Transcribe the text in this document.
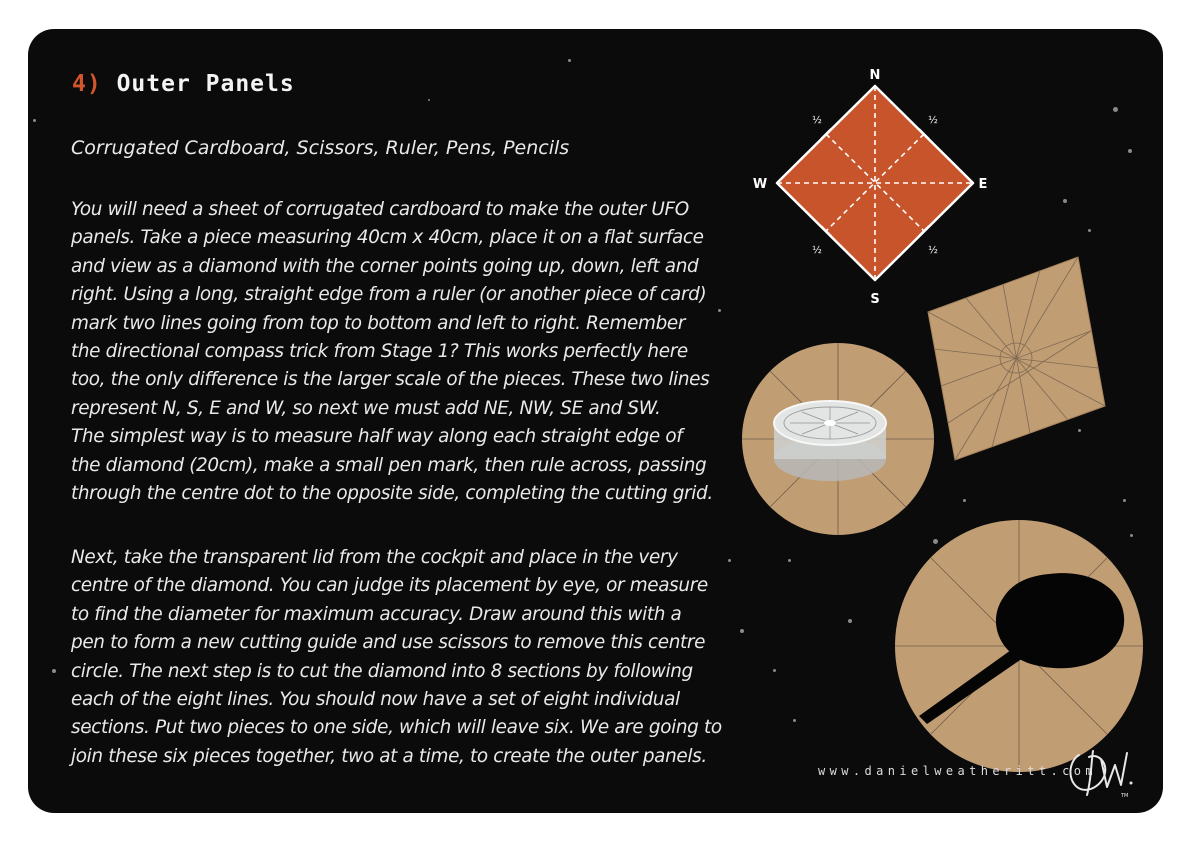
4) Outer Panels
Corrugated Cardboard, Scissors, Ruler, Pens, Pencils
You will need a sheet of corrugated cardboard to make the outer UFO
panels. Take a piece measuring 40cm x 40cm, place it on a flat surface
and view as a diamond with the corner points going up, down, left and
right. Using a long, straight edge from a ruler (or another piece of card)
mark two lines going from top to bottom and left to right. Remember
the directional compass trick from Stage 1? This works perfectly here
too, the only difference is the larger scale of the pieces. These two lines
represent N, S, E and W, so next we must add NE, NW, SE and SW.
The simplest way is to measure half way along each straight edge of
the diamond (20cm), make a small pen mark, then rule across, passing
through the centre dot to the opposite side, completing the cutting grid.
Next, take the transparent lid from the cockpit and place in the very
centre of the diamond. You can judge its placement by eye, or measure
to find the diameter for maximum accuracy. Draw around this with a
pen to form a new cutting guide and use scissors to remove this centre
circle. The next step is to cut the diamond into 8 sections by following
each of the eight lines. You should now have a set of eight individual
sections. Put two pieces to one side, which will leave six. We are going to
join these six pieces together, two at a time, to create the outer panels.
N
S
E
W
½	½
½	½
www.danielweatheritt.com
TM
